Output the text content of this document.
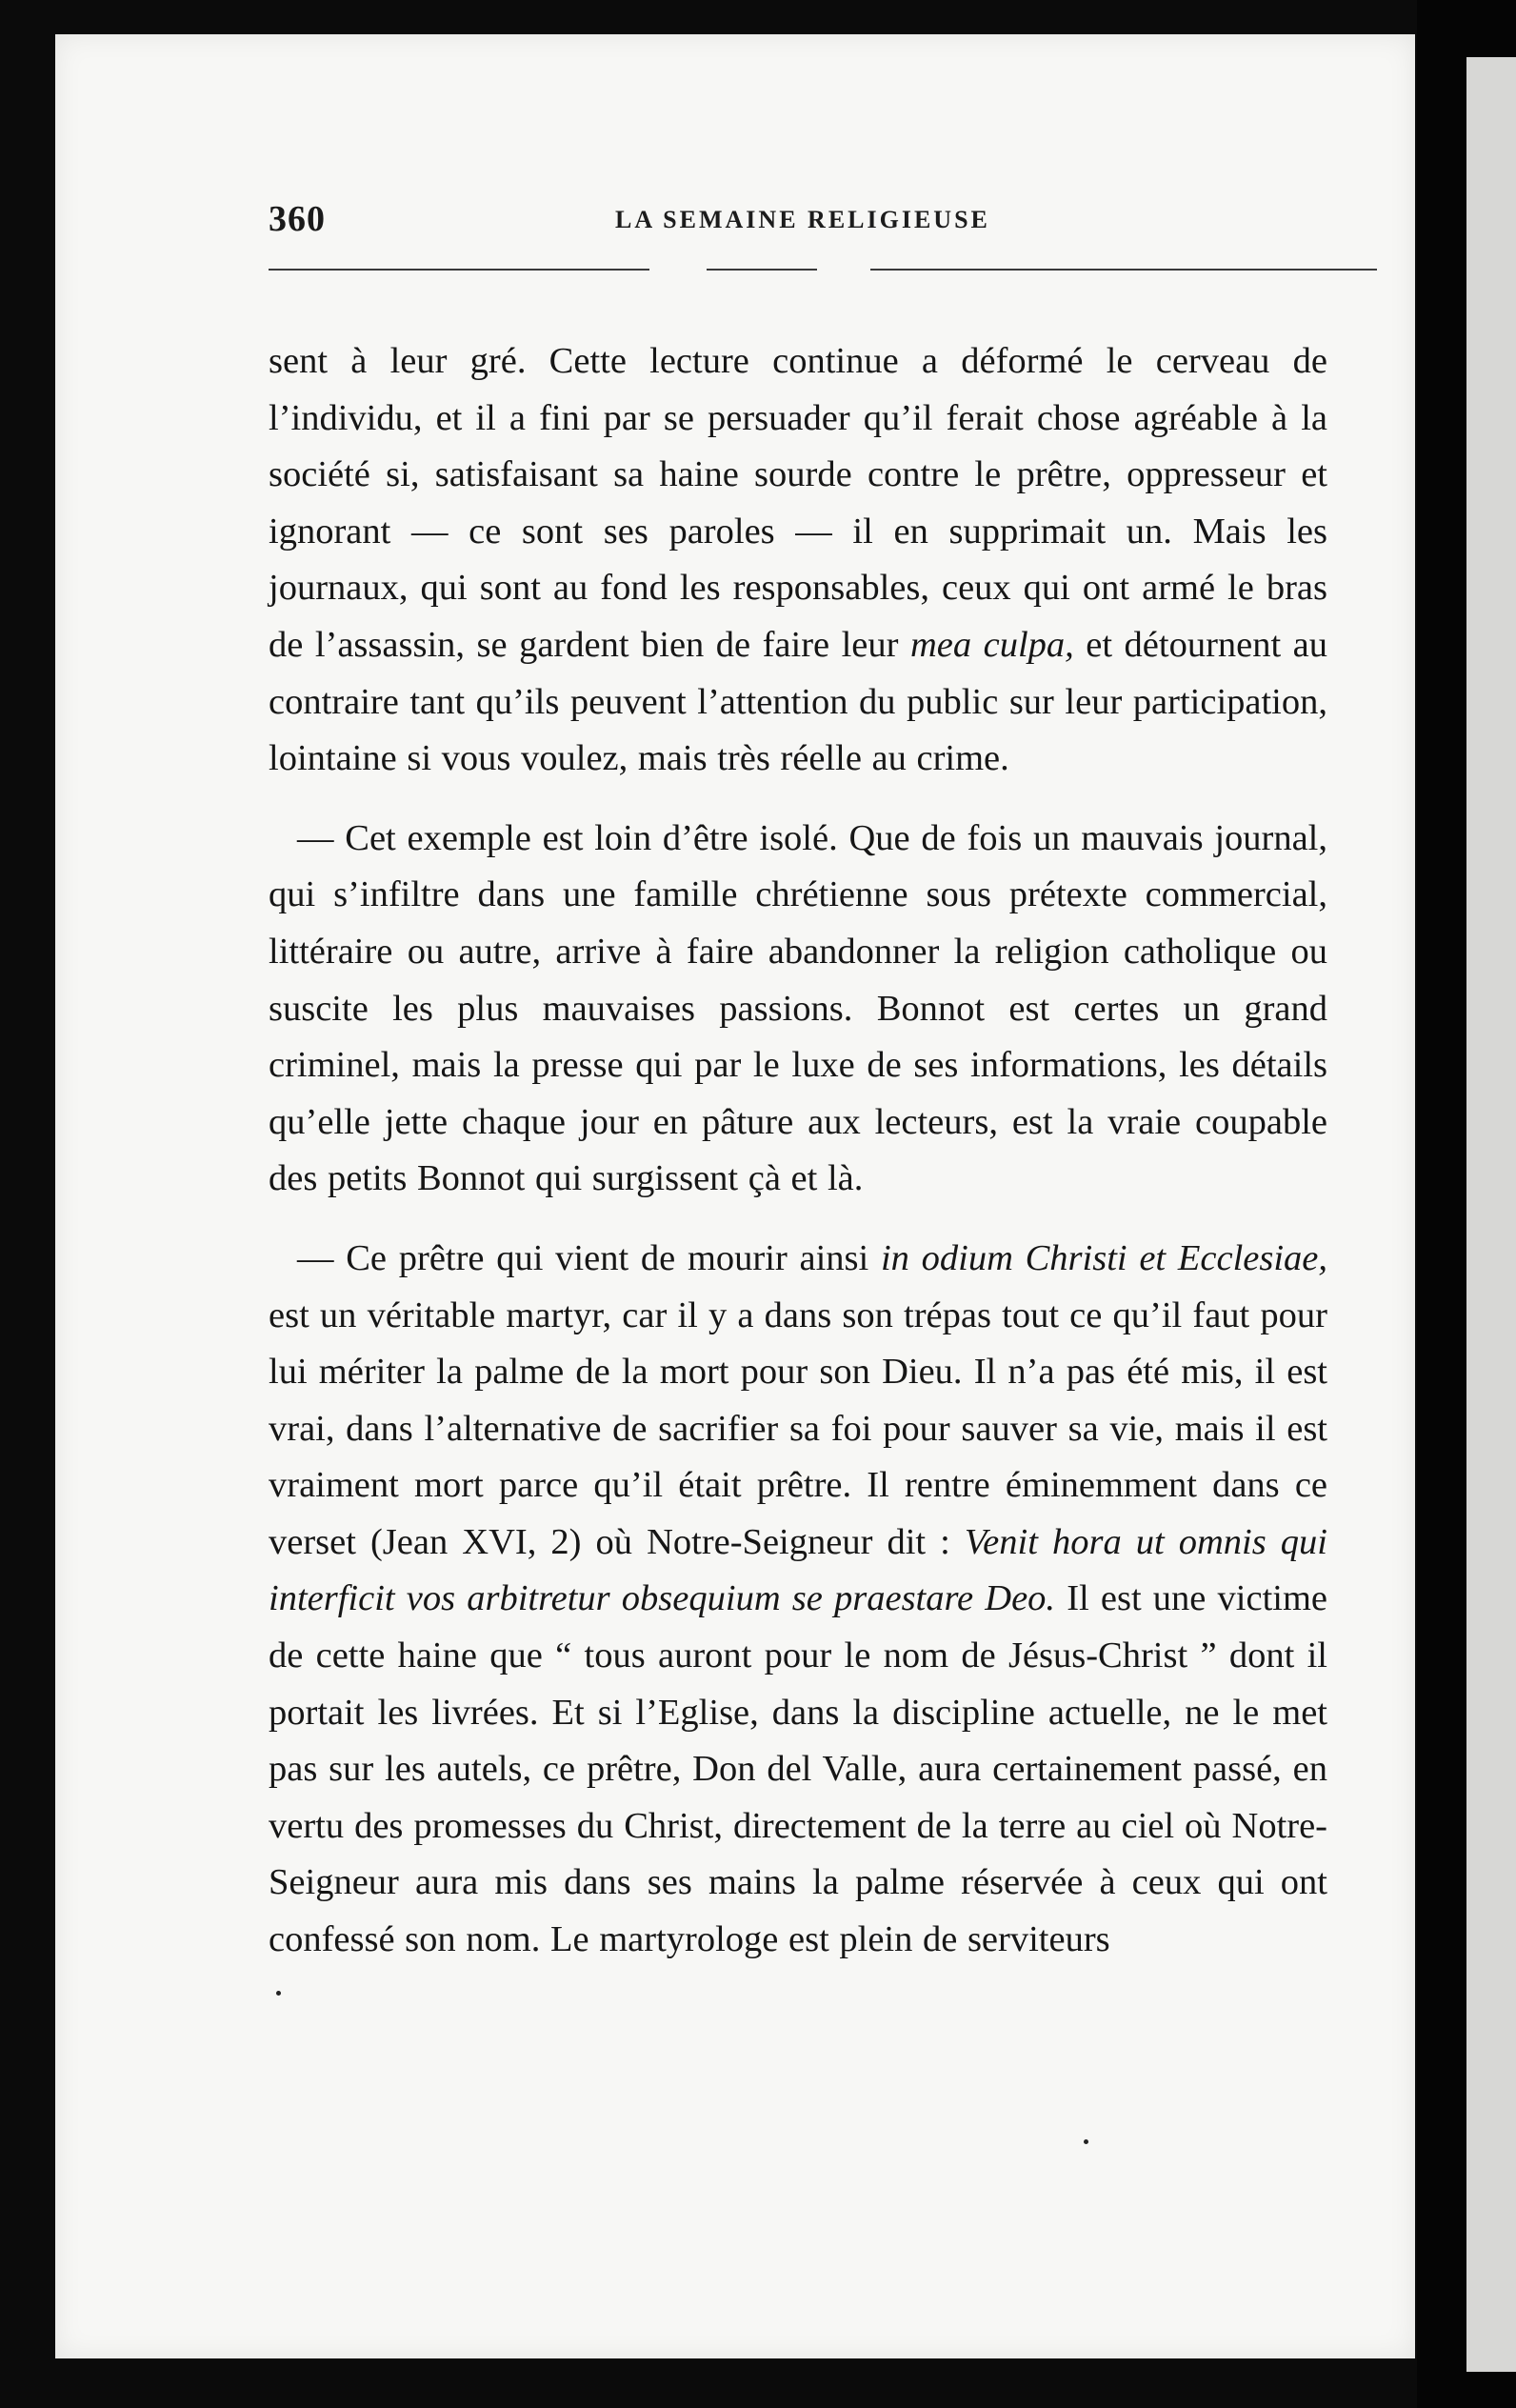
360	LA SEMAINE RELIGIEUSE

sent à leur gré. Cette lecture continue a déformé le cerveau de l’individu, et il a fini par se persuader qu’il ferait chose agréable à la société si, satisfaisant sa haine sourde contre le prêtre, oppresseur et ignorant — ce sont ses paroles — il en supprimait un. Mais les journaux, qui sont au fond les responsables, ceux qui ont armé le bras de l’assassin, se gardent bien de faire leur mea culpa, et détournent au contraire tant qu’ils peuvent l’attention du public sur leur participation, lointaine si vous voulez, mais très réelle au crime.

— Cet exemple est loin d’être isolé. Que de fois un mauvais journal, qui s’infiltre dans une famille chrétienne sous prétexte commercial, littéraire ou autre, arrive à faire abandonner la religion catholique ou suscite les plus mauvaises passions. Bonnot est certes un grand criminel, mais la presse qui par le luxe de ses informations, les détails qu’elle jette chaque jour en pâture aux lecteurs, est la vraie coupable des petits Bonnot qui surgissent çà et là.

— Ce prêtre qui vient de mourir ainsi in odium Christi et Ecclesiae, est un véritable martyr, car il y a dans son trépas tout ce qu’il faut pour lui mériter la palme de la mort pour son Dieu. Il n’a pas été mis, il est vrai, dans l’alternative de sacrifier sa foi pour sauver sa vie, mais il est vraiment mort parce qu’il était prêtre. Il rentre éminemment dans ce verset (Jean XVI, 2) où Notre-Seigneur dit : Venit hora ut omnis qui interficit vos arbitretur obsequium se praestare Deo. Il est une victime de cette haine que “ tous auront pour le nom de Jésus-Christ ” dont il portait les livrées. Et si l’Eglise, dans la discipline actuelle, ne le met pas sur les autels, ce prêtre, Don del Valle, aura certainement passé, en vertu des promesses du Christ, directement de la terre au ciel où Notre-Seigneur aura mis dans ses mains la palme réservée à ceux qui ont confessé son nom. Le martyrologe est plein de serviteurs
